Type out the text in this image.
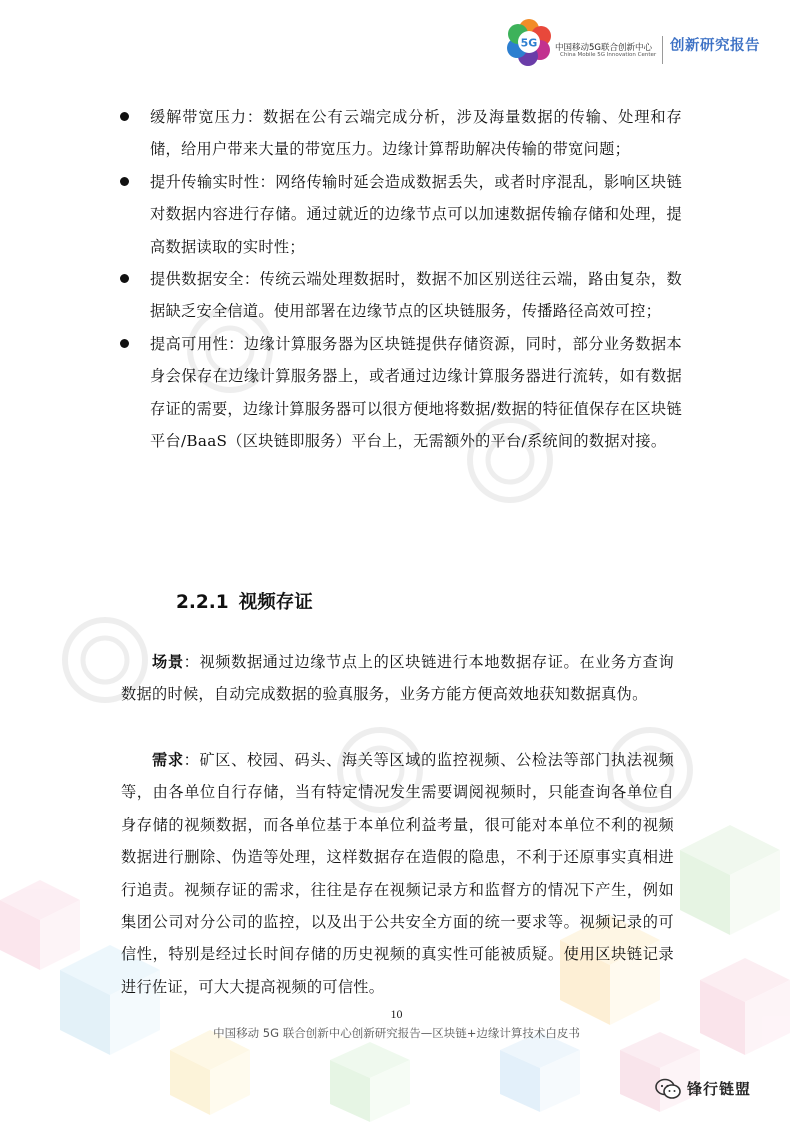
5G 中国移动5G联合创新中心
China Mobile 5G Innovation Center
创新研究报告
缓解带宽压力：数据在公有云端完成分析，涉及海量数据的传输、处理和存储，给用户带来大量的带宽压力。边缘计算帮助解决传输的带宽问题；
提升传输实时性：网络传输时延会造成数据丢失，或者时序混乱，影响区块链对数据内容进行存储。通过就近的边缘节点可以加速数据传输存储和处理，提高数据读取的实时性；
提供数据安全：传统云端处理数据时，数据不加区别送往云端，路由复杂，数据缺乏安全信道。使用部署在边缘节点的区块链服务，传播路径高效可控；
提高可用性：边缘计算服务器为区块链提供存储资源，同时，部分业务数据本身会保存在边缘计算服务器上，或者通过边缘计算服务器进行流转，如有数据存证的需要，边缘计算服务器可以很方便地将数据/数据的特征值保存在区块链平台/BaaS（区块链即服务）平台上，无需额外的平台/系统间的数据对接。
2.2.1 视频存证

场景：视频数据通过边缘节点上的区块链进行本地数据存证。在业务方查询数据的时候，自动完成数据的验真服务，业务方能方便高效地获知数据真伪。

需求：矿区、校园、码头、海关等区域的监控视频、公检法等部门执法视频等，由各单位自行存储，当有特定情况发生需要调阅视频时，只能查询各单位自身存储的视频数据，而各单位基于本单位利益考量，很可能对本单位不利的视频数据进行删除、伪造等处理，这样数据存在造假的隐患，不利于还原事实真相进行追责。视频存证的需求，往往是存在视频记录方和监督方的情况下产生，例如集团公司对分公司的监控，以及出于公共安全方面的统一要求等。视频记录的可信性，特别是经过长时间存储的历史视频的真实性可能被质疑。使用区块链记录进行佐证，可大大提高视频的可信性。

10
中国移动 5G 联合创新中心创新研究报告—区块链+边缘计算技术白皮书
锋行链盟
